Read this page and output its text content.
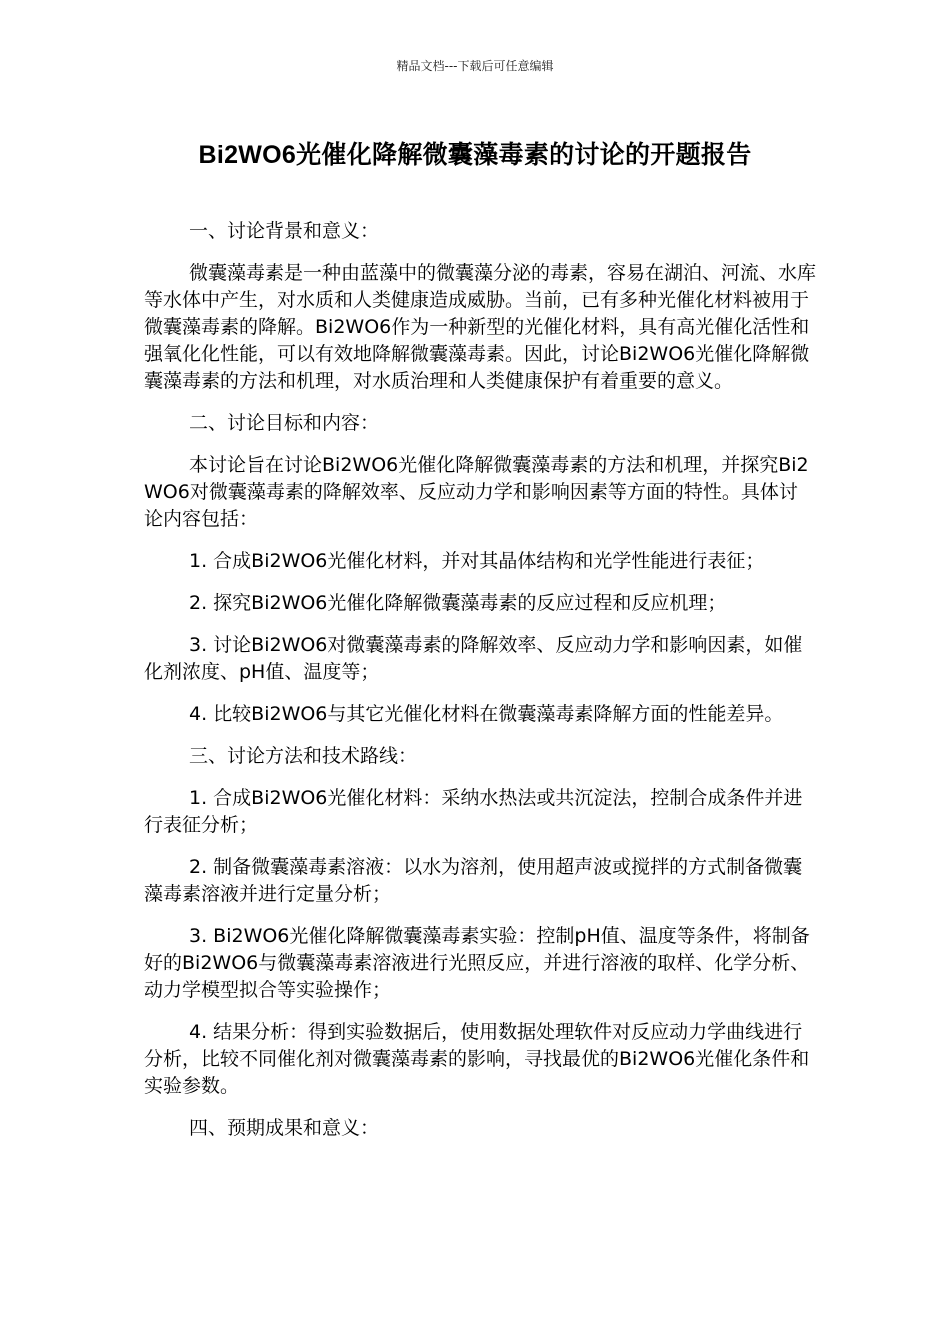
精品文档---下载后可任意编辑
Bi2WO6光催化降解微囊藻毒素的讨论的开题报告

一、讨论背景和意义：

微囊藻毒素是一种由蓝藻中的微囊藻分泌的毒素，容易在湖泊、河流、水库等水体中产生，对水质和人类健康造成威胁。当前，已有多种光催化材料被用于微囊藻毒素的降解。Bi2WO6作为一种新型的光催化材料，具有高光催化活性和强氧化化性能，可以有效地降解微囊藻毒素。因此，讨论Bi2WO6光催化降解微囊藻毒素的方法和机理，对水质治理和人类健康保护有着重要的意义。

二、讨论目标和内容：

本讨论旨在讨论Bi2WO6光催化降解微囊藻毒素的方法和机理，并探究Bi2WO6对微囊藻毒素的降解效率、反应动力学和影响因素等方面的特性。具体讨论内容包括：

1. 合成Bi2WO6光催化材料，并对其晶体结构和光学性能进行表征；

2. 探究Bi2WO6光催化降解微囊藻毒素的反应过程和反应机理；

3. 讨论Bi2WO6对微囊藻毒素的降解效率、反应动力学和影响因素，如催化剂浓度、pH值、温度等；

4. 比较Bi2WO6与其它光催化材料在微囊藻毒素降解方面的性能差异。

三、讨论方法和技术路线：

1. 合成Bi2WO6光催化材料：采纳水热法或共沉淀法，控制合成条件并进行表征分析；

2. 制备微囊藻毒素溶液：以水为溶剂，使用超声波或搅拌的方式制备微囊藻毒素溶液并进行定量分析；

3. Bi2WO6光催化降解微囊藻毒素实验：控制pH值、温度等条件，将制备好的Bi2WO6与微囊藻毒素溶液进行光照反应，并进行溶液的取样、化学分析、动力学模型拟合等实验操作；

4. 结果分析：得到实验数据后，使用数据处理软件对反应动力学曲线进行分析，比较不同催化剂对微囊藻毒素的影响，寻找最优的Bi2WO6光催化条件和实验参数。

四、预期成果和意义：
